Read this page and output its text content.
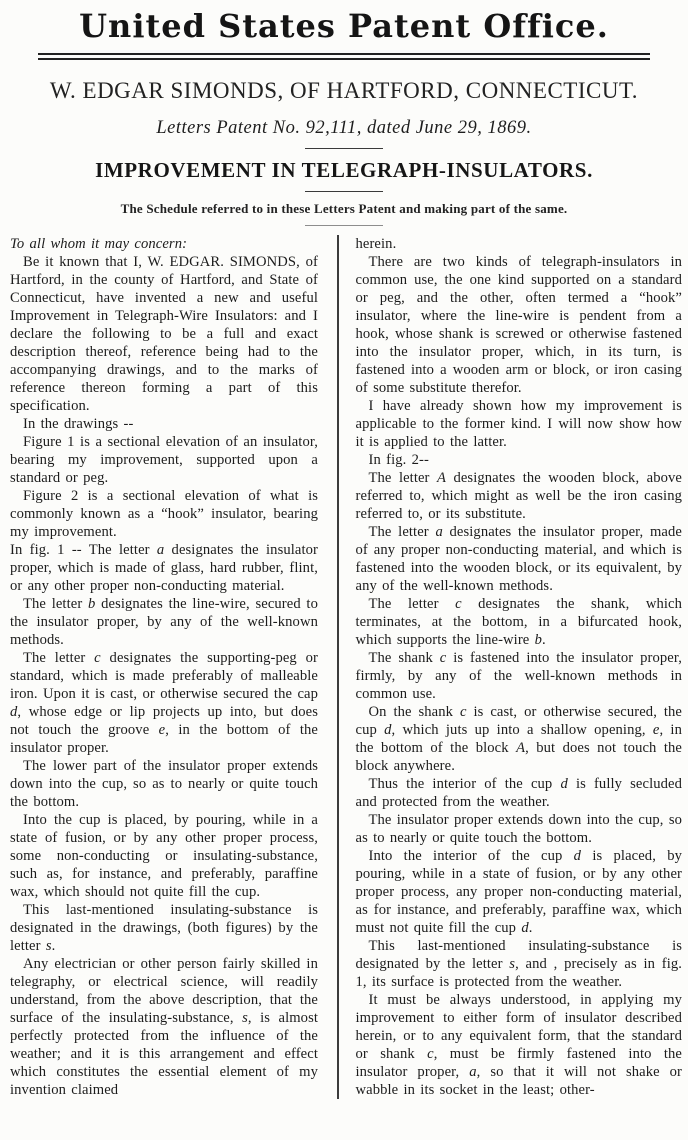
United States Patent Office.
W. EDGAR SIMONDS, OF HARTFORD, CONNECTICUT.
Letters Patent No. 92,111, dated June 29, 1869.
IMPROVEMENT IN TELEGRAPH-INSULATORS.
The Schedule referred to in these Letters Patent and making part of the same.

To all whom it may concern:

Be it known that I, W. EDGAR. SIMONDS, of Hartford, in the county of Hartford, and State of Connecticut, have invented a new and useful Improvement in Telegraph-Wire Insulators: and I declare the following to be a full and exact description thereof, reference being had to the accompanying drawings, and to the marks of reference thereon forming a part of this specification.

In the drawings --

Figure 1 is a sectional elevation of an insulator, bearing my improvement, supported upon a standard or peg.

Figure 2 is a sectional elevation of what is commonly known as a “hook” insulator, bearing my improvement.

In fig. 1 -- The letter a designates the insulator proper, which is made of glass, hard rubber, flint, or any other proper non-conducting material.

The letter b designates the line-wire, secured to the insulator proper, by any of the well-known methods.

The letter c designates the supporting-peg or standard, which is made preferably of malleable iron. Upon it is cast, or otherwise secured the cap d, whose edge or lip projects up into, but does not touch the groove e, in the bottom of the insulator proper.

The lower part of the insulator proper extends down into the cup, so as to nearly or quite touch the bottom.

Into the cup is placed, by pouring, while in a state of fusion, or by any other proper process, some non-conducting or insulating-substance, such as, for instance, and preferably, paraffine wax, which should not quite fill the cup.

This last-mentioned insulating-substance is designated in the drawings, (both figures) by the letter s.

Any electrician or other person fairly skilled in telegraphy, or electrical science, will readily understand, from the above description, that the surface of the insulating-substance, s, is almost perfectly protected from the influence of the weather; and it is this arrangement and effect which constitutes the essential element of my invention claimed

herein.

There are two kinds of telegraph-insulators in common use, the one kind supported on a standard or peg, and the other, often termed a “hook” insulator, where the line-wire is pendent from a hook, whose shank is screwed or otherwise fastened into the insulator proper, which, in its turn, is fastened into a wooden arm or block, or iron casing of some substitute therefor.

I have already shown how my improvement is applicable to the former kind. I will now show how it is applied to the latter.

In fig. 2--

The letter A designates the wooden block, above referred to, which might as well be the iron casing referred to, or its substitute.

The letter a designates the insulator proper, made of any proper non-conducting material, and which is fastened into the wooden block, or its equivalent, by any of the well-known methods.

The letter c designates the shank, which terminates, at the bottom, in a bifurcated hook, which supports the line-wire b.

The shank c is fastened into the insulator proper, firmly, by any of the well-known methods in common use.

On the shank c is cast, or otherwise secured, the cup d, which juts up into a shallow opening, e, in the bottom of the block A, but does not touch the block anywhere.

Thus the interior of the cup d is fully secluded and protected from the weather.

The insulator proper extends down into the cup, so as to nearly or quite touch the bottom.

Into the interior of the cup d is placed, by pouring, while in a state of fusion, or by any other proper process, any proper non-conducting material, as for instance, and preferably, paraffine wax, which must not quite fill the cup d.

This last-mentioned insulating-substance is designated by the letter s, and , precisely as in fig. 1, its surface is protected from the weather.

It must be always understood, in applying my improvement to either form of insulator described herein, or to any equivalent form, that the standard or shank c, must be firmly fastened into the insulator proper, a, so that it will not shake or wabble in its socket in the least; other-
